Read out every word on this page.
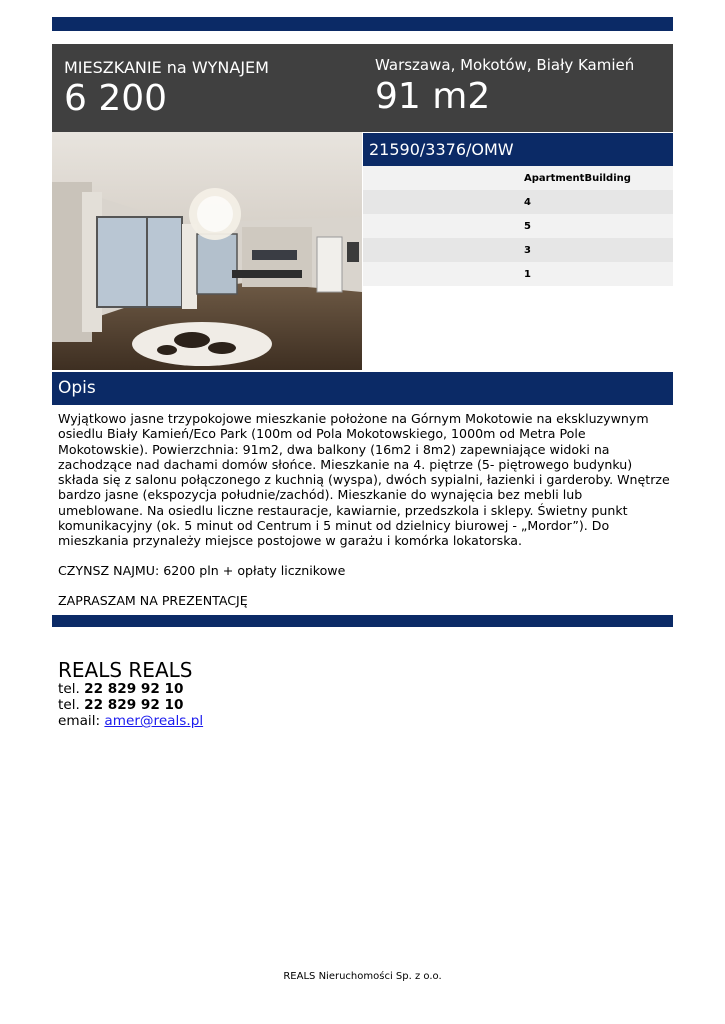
MIESZKANIE na WYNAJEM
6 200
Warszawa, Mokotów, Biały Kamień
91 m2
21590/3376/OMW
ApartmentBuilding
4
5
3
1
Opis
Wyjątkowo jasne trzypokojowe mieszkanie położone na Górnym Mokotowie na ekskluzywnym osiedlu Biały Kamień/Eco Park (100m od Pola Mokotowskiego, 1000m od Metra Pole Mokotowskie). Powierzchnia: 91m2, dwa balkony (16m2 i 8m2) zapewniające widoki na zachodzące nad dachami domów słońce. Mieszkanie na 4. piętrze (5- piętrowego budynku) składa się z salonu połączonego z kuchnią (wyspa), dwóch sypialni, łazienki i garderoby. Wnętrze bardzo jasne (ekspozycja południe/zachód). Mieszkanie do wynajęcia bez mebli lub umeblowane. Na osiedlu liczne restauracje, kawiarnie, przedszkola i sklepy. Świetny punkt komunikacyjny (ok. 5 minut od Centrum i 5 minut od dzielnicy biurowej - „Mordor”). Do mieszkania przynależy miejsce postojowe w garażu i komórka lokatorska.
CZYNSZ NAJMU: 6200 pln + opłaty licznikowe
ZAPRASZAM NA PREZENTACJĘ
REALS REALS
tel. 22 829 92 10
tel. 22 829 92 10
email: amer@reals.pl
REALS Nieruchomości Sp. z o.o.
